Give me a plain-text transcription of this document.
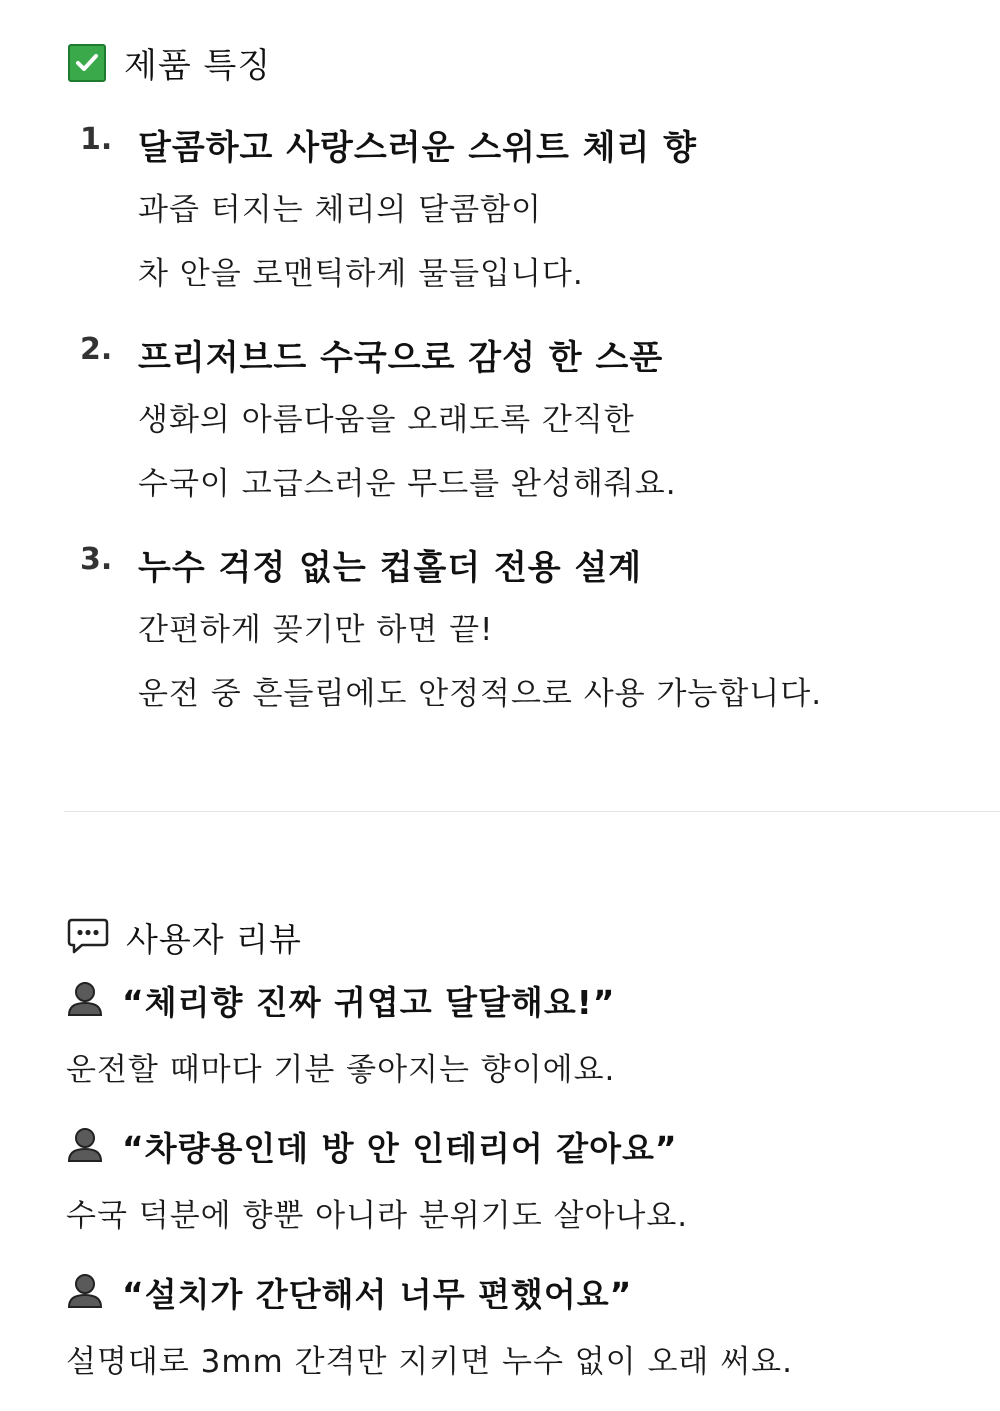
제품 특징
1. 달콤하고 사랑스러운 스위트 체리 향
과즙 터지는 체리의 달콤함이
차 안을 로맨틱하게 물들입니다.
2. 프리저브드 수국으로 감성 한 스푼
생화의 아름다움을 오래도록 간직한
수국이 고급스러운 무드를 완성해줘요.
3. 누수 걱정 없는 컵홀더 전용 설계
간편하게 꽂기만 하면 끝!
운전 중 흔들림에도 안정적으로 사용 가능합니다.
사용자 리뷰
“체리향 진짜 귀엽고 달달해요!”
운전할 때마다 기분 좋아지는 향이에요.
“차량용인데 방 안 인테리어 같아요”
수국 덕분에 향뿐 아니라 분위기도 살아나요.
“설치가 간단해서 너무 편했어요”
설명대로 3mm 간격만 지키면 누수 없이 오래 써요.
